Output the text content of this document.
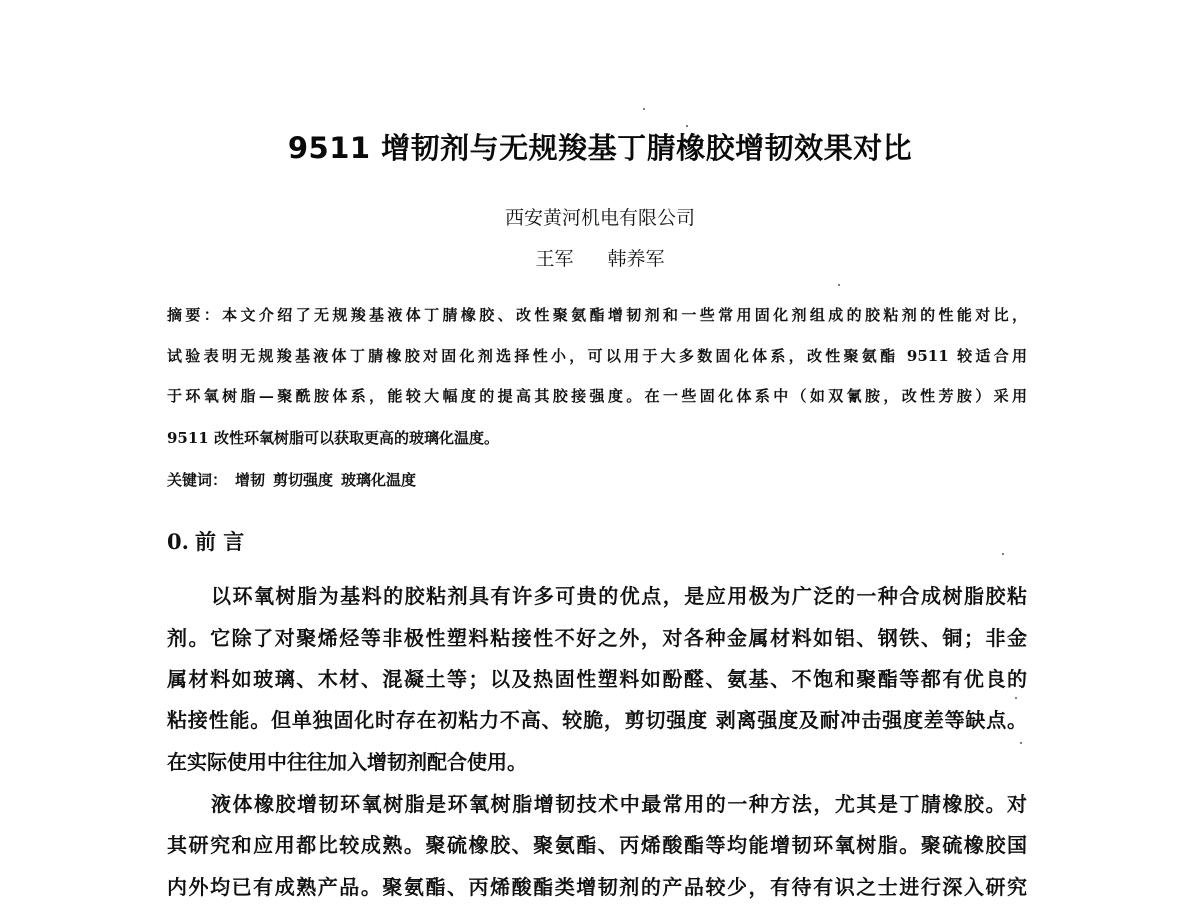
9511 增韧剂与无规羧基丁腈橡胶增韧效果对比
西安黄河机电有限公司
王军 韩养军
摘要：本文介绍了无规羧基液体丁腈橡胶、改性聚氨酯增韧剂和一些常用固化剂组成的胶粘剂的性能对比，
试验表明无规羧基液体丁腈橡胶对固化剂选择性小，可以用于大多数固化体系，改性聚氨酯 9511 较适合用
于环氧树脂—聚酰胺体系，能较大幅度的提高其胶接强度。在一些固化体系中（如双氰胺，改性芳胺）采用
9511 改性环氧树脂可以获取更高的玻璃化温度。
关键词： 增韧 剪切强度 玻璃化温度
0. 前 言
以环氧树脂为基料的胶粘剂具有许多可贵的优点，是应用极为广泛的一种合成树脂胶粘
剂。它除了对聚烯烃等非极性塑料粘接性不好之外，对各种金属材料如铝、钢铁、铜；非金
属材料如玻璃、木材、混凝土等；以及热固性塑料如酚醛、氨基、不饱和聚酯等都有优良的
粘接性能。但单独固化时存在初粘力不高、较脆，剪切强度 剥离强度及耐冲击强度差等缺点。
在实际使用中往往加入增韧剂配合使用。
液体橡胶增韧环氧树脂是环氧树脂增韧技术中最常用的一种方法，尤其是丁腈橡胶。对
其研究和应用都比较成熟。聚硫橡胶、聚氨酯、丙烯酸酯等均能增韧环氧树脂。聚硫橡胶国
内外均已有成熟产品。聚氨酯、丙烯酸酯类增韧剂的产品较少，有待有识之士进行深入研究
